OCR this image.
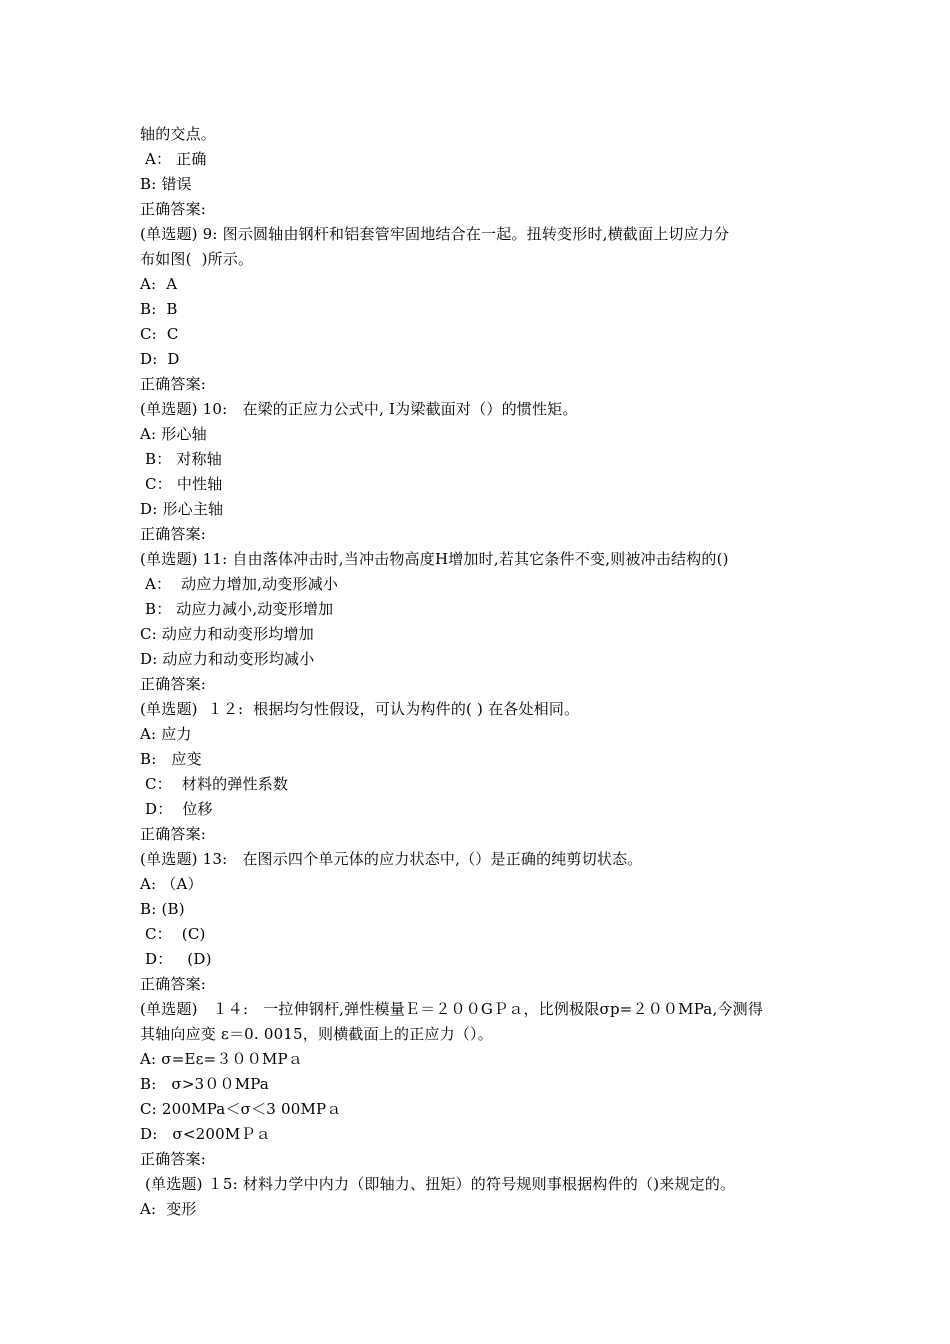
轴的交点。
A： 正确
B: 错误
正确答案:
(单选题) 9: 图示圆轴由钢杆和铝套管牢固地结合在一起。扭转变形时,横截面上切应力分
布如图(  )所示。
A:  A
B:  B
C:  C
D:  D
正确答案:
(单选题) 10:   在梁的正应力公式中, I为梁截面对（）的惯性矩。
A: 形心轴
B： 对称轴
C： 中性轴
D: 形心主轴
正确答案:
(单选题) 11: 自由落体冲击时,当冲击物高度H增加时,若其它条件不变,则被冲击结构的()
A：  动应力增加,动变形减小
B： 动应力减小,动变形增加
C: 动应力和动变形均增加
D: 动应力和动变形均减小
正确答案:
(单选题)  １２:  根据均匀性假设，可认为构件的( ) 在各处相同。
A: 应力
B:   应变
C：  材料的弹性系数
D：  位移
正确答案:
(单选题) 13:   在图示四个单元体的应力状态中,（）是正确的纯剪切状态。
A: （A）
B: (B)
C：  (C)
D：   (D)
正确答案:
(单选题)   １４:   一拉伸钢杆,弹性模量Ｅ＝２００GＰａ，比例极限σp=２００MPa,今测得
其轴向应变 ε＝0. 0015，则横截面上的正应力（）。
A: σ=Eε=３００MPａ
B:   σ>3００MPa
C: 200MPa＜σ＜3 00MPａ
D:   σ<200MＰａ
正确答案:
(单选题) １5: 材料力学中内力（即轴力、扭矩）的符号规则事根据构件的（)来规定的。
A:  变形
